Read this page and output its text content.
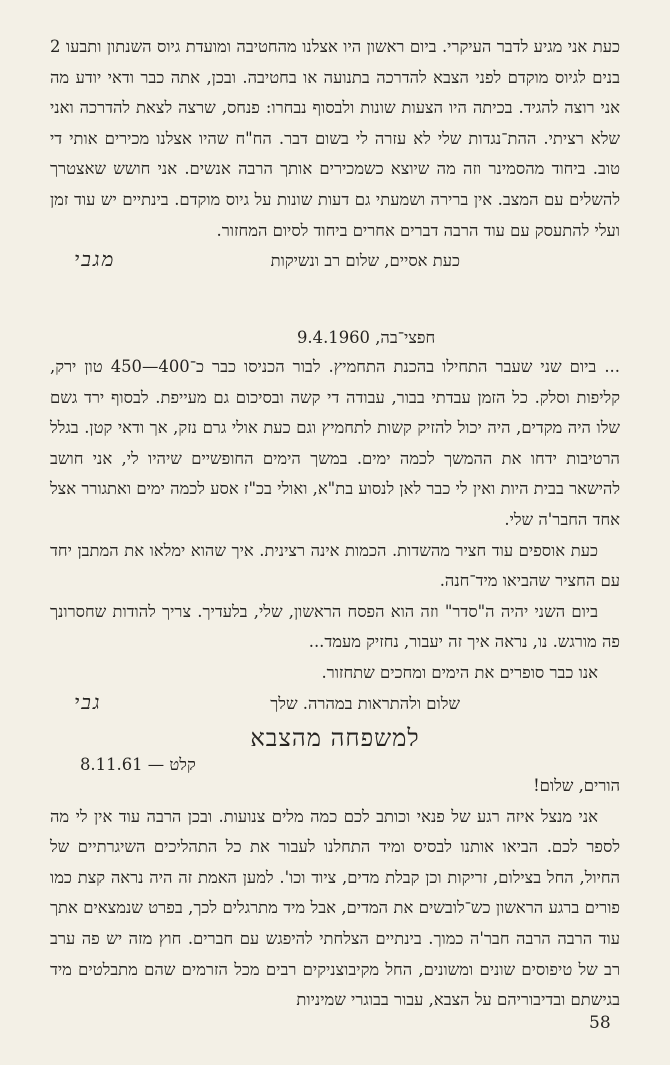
כעת אני מגיע לדבר העיקרי. ביום ראשון היו אצלנו מהחטיבה ומועדת גיוס השנתון ותבעו 2 בנים לגיוס מוקדם לפני הצבא להדרכה בתנועה או בחטיבה. ובכן, אתה כבר ודאי יודע מה אני רוצה להגיד. בכיתה היו הצעות שונות ולבסוף נבחרו: פנחס, שרצה לצאת להדרכה ואני שלא רציתי. ההת־נגדות שלי לא עזרה לי בשום דבר. הח"ח שהיו אצלנו מכירים אותי די טוב. ביחוד מהסמינר וזה מה שיוצא כשמכירים אותך הרבה אנשים. אני חושש שאצטרך להשלים עם המצב. אין ברירה ושמעתי גם דעות שונות על גיוס מוקדם. בינתיים יש עוד זמן ועלי להתעסק עם עוד הרבה דברים אחרים ביחוד לסיום המחזור.

כעת אסיים, שלום רב ונשיקות
מגבי
חפצי־בה, 9.4.1960

... ביום שני שעבר התחילו בהכנת התחמיץ. לבור הכניסו כבר כ־400—450 טון ירק, קליפות וסלק. כל הזמן עבדתי בבור, עבודה די קשה ובסיכום גם מעייפת. לבסוף ירד גשם שלו היה מקדים, היה יכול להזיק קשות לתחמיץ וגם כעת אולי גרם נזק, אך ודאי קטן. בגלל הרטיבות ידחו את ההמשך לכמה ימים. במשך הימים החופשיים שיהיו לי, אני חושב להישאר בבית היות ואין לי כבר לאן לנסוע בת"א, ואולי בכ"ז אסע לכמה ימים ואתגורר אצל אחד החבר'ה שלי.

כעת אוספים עוד חציר מהשדות. הכמות אינה רצינית. איך שהוא ימלאו את המתבן יחד עם החציר שהביאו מיד־חנה.

ביום השני יהיה ה"סדר" וזה הוא הפסח הראשון, שלי, בלעדיך. צריך להודות שחסרונך פה מורגש. נו, נראה איך זה יעבור, נחזיק מעמד...

אנו כבר סופרים את הימים ומחכים שתחזור.

שלום ולהתראות במהרה. שלך
גבי
למשפחה מהצבא
קלט — 8.11.61

הורים, שלום!

אני מנצל איזה רגע של פנאי וכותב לכם כמה מלים צנועות. ובכן הרבה עוד אין לי מה לספר לכם. הביאו אותנו לבסיס ומיד התחלנו לעבור את כל התהליכים השיגרתיים של החיול, החל בצילום, זריקות וכן קבלת מדים, ציוד וכו'. למען האמת זה היה נראה קצת כמו פורים ברגע הראשון כש־לובשים את המדים, אבל מיד מתרגלים לכך, בפרט שנמצאים אתך עוד הרבה הרבה חבר'ה כמוך. בינתיים הצלחתי להיפגש עם חברים. חוץ מזה יש פה ערב רב של טיפוסים שונים ומשונים, החל מקיבוצניקים רבים מכל הזרמים שהם מתבלטים מיד בגישתם ובדיבוריהם על הצבא, עבור בבוגרי שמיניות

58
